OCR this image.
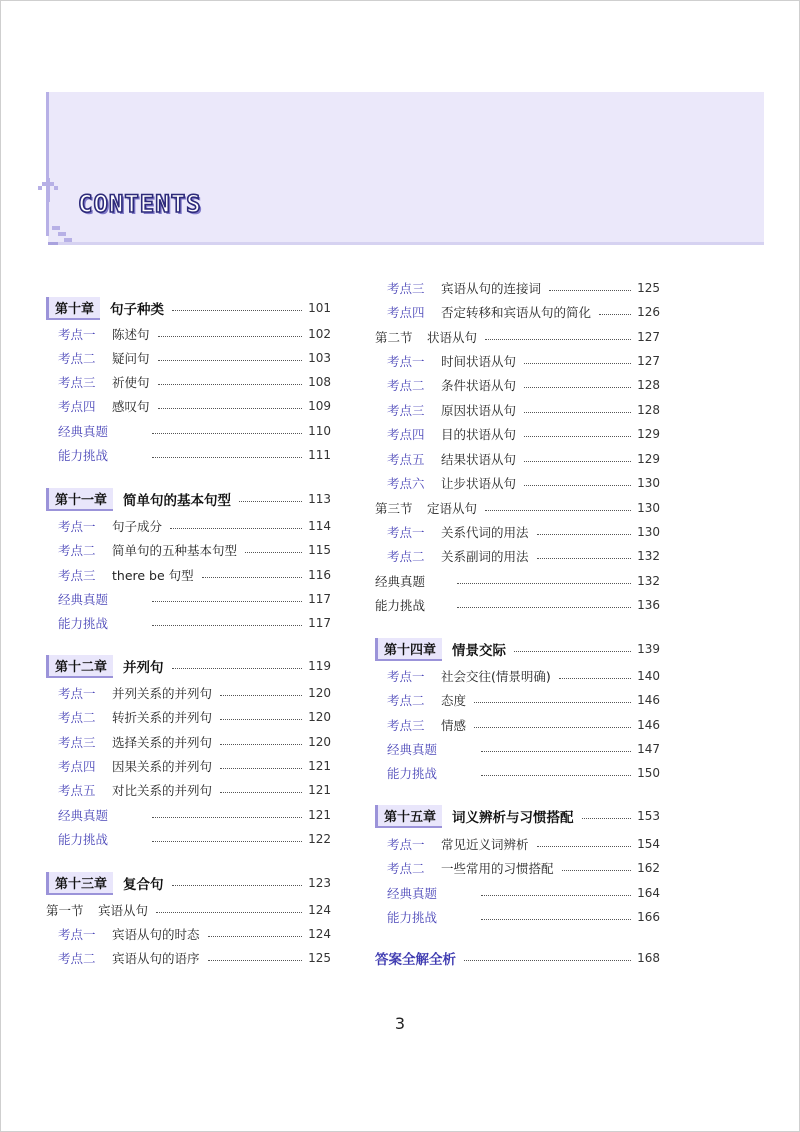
CONTENTS
第十章	句子种类	101
考点一	陈述句	102
考点二	疑问句	103
考点三	祈使句	108
考点四	感叹句	109
经典真题	110
能力挑战	111
第十一章	简单句的基本句型	113
考点一	句子成分	114
考点二	简单句的五种基本句型	115
考点三	there be 句型	116
经典真题	117
能力挑战	117
第十二章	并列句	119
考点一	并列关系的并列句	120
考点二	转折关系的并列句	120
考点三	选择关系的并列句	120
考点四	因果关系的并列句	121
考点五	对比关系的并列句	121
经典真题	121
能力挑战	122
第十三章	复合句	123
第一节	宾语从句	124
考点一	宾语从句的时态	124
考点二	宾语从句的语序	125
考点三	宾语从句的连接词	125
考点四	否定转移和宾语从句的简化	126
第二节	状语从句	127
考点一	时间状语从句	127
考点二	条件状语从句	128
考点三	原因状语从句	128
考点四	目的状语从句	129
考点五	结果状语从句	129
考点六	让步状语从句	130
第三节	定语从句	130
考点一	关系代词的用法	130
考点二	关系副词的用法	132
经典真题	132
能力挑战	136
第十四章	情景交际	139
考点一	社会交往(情景明确)	140
考点二	态度	146
考点三	情感	146
经典真题	147
能力挑战	150
第十五章	词义辨析与习惯搭配	153
考点一	常见近义词辨析	154
考点二	一些常用的习惯搭配	162
经典真题	164
能力挑战	166
答案全解全析	168
3
